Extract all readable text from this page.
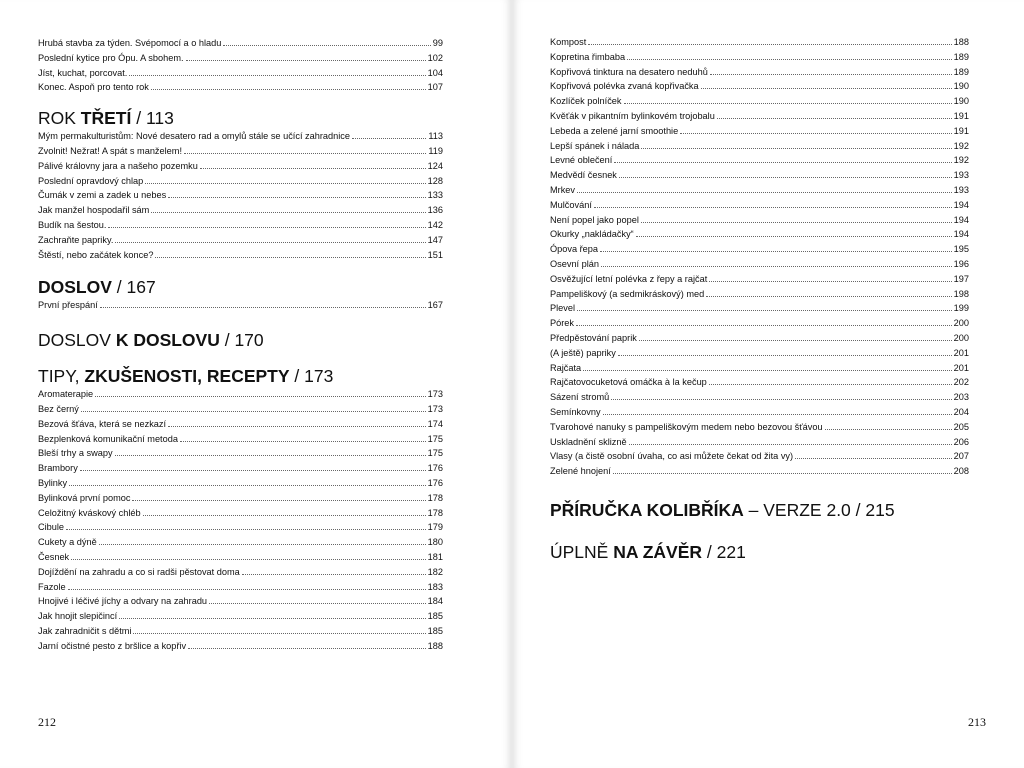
Hrubá stavba za týden. Svépomocí a o hladu	99
Poslední kytice pro Ópu. A sbohem.	102
Jíst, kuchat, porcovat.	104
Konec. Aspoň pro tento rok	107
ROK TŘETÍ / 113
Mým permakulturistům: Nové desatero rad a omylů stále se učící zahradnice	113
Zvolnit! Nežrat! A spát s manželem!	119
Pálivé královny jara a našeho pozemku	124
Poslední opravdový chlap	128
Čumák v zemi a zadek u nebes	133
Jak manžel hospodařil sám	136
Budík na šestou.	142
Zachraňte papriky.	147
Štěstí, nebo začátek konce?	151
DOSLOV / 167
První přespání	167
DOSLOV K DOSLOVU / 170
TIPY, ZKUŠENOSTI, RECEPTY / 173
Aromaterapie	173
Bez černý	173
Bezová šťáva, která se nezkazí	174
Bezplenková komunikační metoda	175
Bleší trhy a swapy	175
Brambory	176
Bylinky	176
Bylinková první pomoc	178
Celožitný kváskový chléb	178
Cibule	179
Cukety a dýně	180
Česnek	181
Dojíždění na zahradu a co si radši pěstovat doma	182
Fazole	183
Hnojivé i léčivé jíchy a odvary na zahradu	184
Jak hnojit slepičincí	185
Jak zahradničit s dětmi	185
Jarní očistné pesto z ‌bršlice a kopřiv	188
212
Kompost	188
Kopretina řimbaba	189
Kopřivová tinktura na desatero neduhů	189
Kopřivová polévka zvaná kopřivačka	190
Kozlíček polníček	190
Kvěťák v pikantním bylinkovém trojobalu	191
Lebeda a zelené jarní smoothie	191
Lepší spánek i nálada	192
Levné oblečení	192
Medvědí česnek	193
Mrkev	193
Mulčování	194
Není popel jako popel	194
Okurky „nakládačky“	194
Ópova řepa	195
Osevní plán	196
Osvěžující letní polévka z řepy a rajčat	197
Pampeliškový (a sedmikráskový) med	198
Plevel	199
Pórek	200
Předpěstování paprik	200
(A ještě) papriky	201
Rajčata	201
Rajčatovocuketová omáčka à la kečup	202
Sázení stromů	203
Semínkovny	204
Tvarohové nanuky s pampeliškovým medem nebo bezovou šťávou	205
Uskladnění sklizně	206
Vlasy (a čistě osobní úvaha, co asi můžete čekat od žita vy)	207
Zelené hnojení	208
PŘÍRUČKA KOLIBŘÍKA – VERZE 2.0 / 215
ÚPLNĚ NA ZÁVĚR / 221
213
